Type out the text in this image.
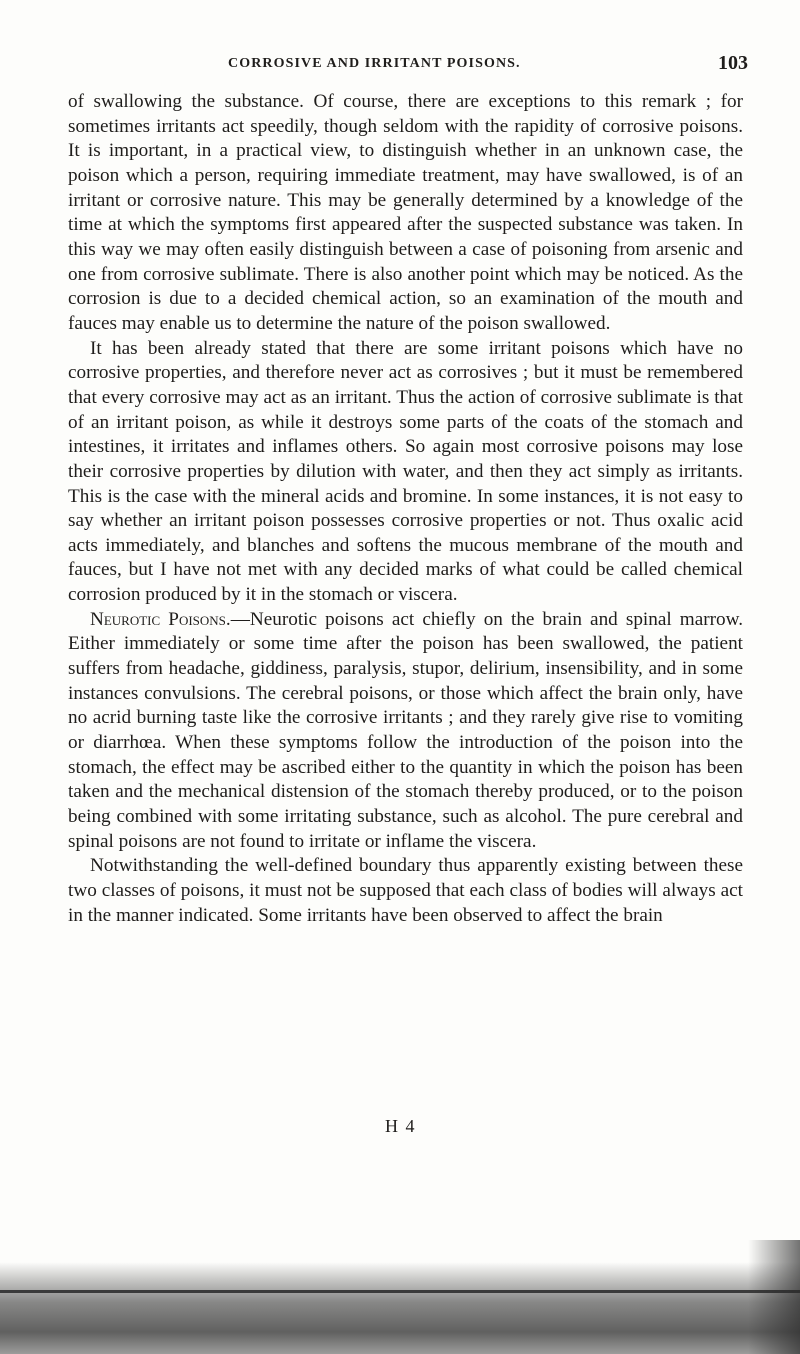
CORROSIVE AND IRRITANT POISONS.	103

of swallowing the substance. Of course, there are exceptions to this remark ; for sometimes irritants act speedily, though seldom with the rapidity of corrosive poisons. It is important, in a practical view, to distinguish whether in an unknown case, the poison which a person, requiring immediate treatment, may have swallowed, is of an irritant or corrosive nature. This may be generally determined by a knowledge of the time at which the symptoms first appeared after the suspected substance was taken. In this way we may often easily distinguish between a case of poisoning from arsenic and one from corrosive sublimate. There is also another point which may be noticed. As the corrosion is due to a decided chemical action, so an examination of the mouth and fauces may enable us to determine the nature of the poison swallowed.

It has been already stated that there are some irritant poisons which have no corrosive properties, and therefore never act as corrosives ; but it must be remembered that every corrosive may act as an irritant. Thus the action of corrosive sublimate is that of an irritant poison, as while it destroys some parts of the coats of the stomach and intestines, it irritates and inflames others. So again most corrosive poisons may lose their corrosive properties by dilution with water, and then they act simply as irritants. This is the case with the mineral acids and bromine. In some instances, it is not easy to say whether an irritant poison possesses corrosive properties or not. Thus oxalic acid acts immediately, and blanches and softens the mucous membrane of the mouth and fauces, but I have not met with any decided marks of what could be called chemical corrosion produced by it in the stomach or viscera.

Neurotic Poisons.—Neurotic poisons act chiefly on the brain and spinal marrow. Either immediately or some time after the poison has been swallowed, the patient suffers from headache, giddiness, paralysis, stupor, delirium, insensibility, and in some instances convulsions. The cerebral poisons, or those which affect the brain only, have no acrid burning taste like the corrosive irritants ; and they rarely give rise to vomiting or diarrhœa. When these symptoms follow the introduction of the poison into the stomach, the effect may be ascribed either to the quantity in which the poison has been taken and the mechanical distension of the stomach thereby produced, or to the poison being combined with some irritating substance, such as alcohol. The pure cerebral and spinal poisons are not found to irritate or inflame the viscera.

Notwithstanding the well-defined boundary thus apparently existing between these two classes of poisons, it must not be supposed that each class of bodies will always act in the manner indicated. Some irritants have been observed to affect the brain

H 4
